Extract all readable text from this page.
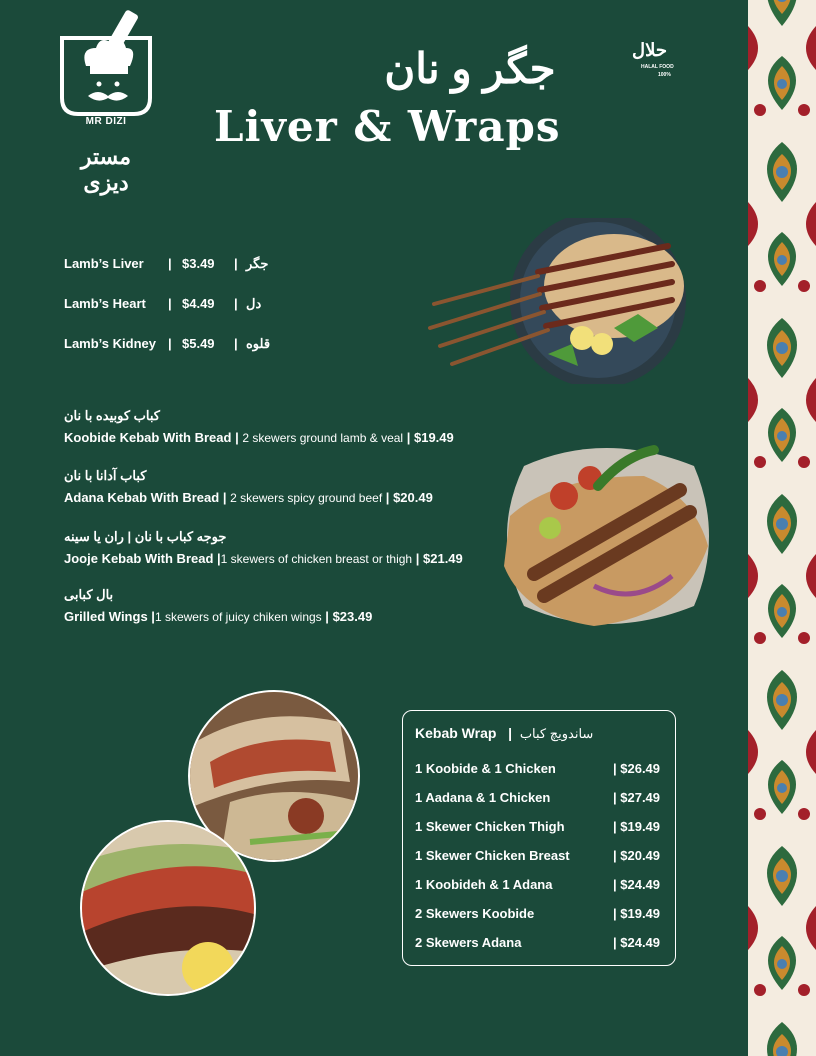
MR DIZI
مستر دیزی
جگر و نان
Liver & Wraps
حلال
HALAL FOOD
100%
Lamb’s Liver | $3.49 | جگر
Lamb’s Heart | $4.49 | دل
Lamb’s Kidney | $5.49 | قلوه
کباب کوبیده با نان
Koobide Kebab With Bread | 2 skewers ground lamb & veal | $19.49
کباب آدانا با نان
Adana Kebab With Bread | 2 skewers spicy ground beef | $20.49
جوجه کباب با نان | ران یا سینه
Jooje Kebab With Bread |1 skewers of chicken breast or thigh | $21.49
بال کبابی
Grilled Wings |1 skewers of juicy chiken wings | $23.49
Kebab Wrap   |  ساندویچ کباب
1 Koobide & 1 Chicken	| $26.49
1 Aadana & 1 Chicken	| $27.49
1 Skewer Chicken Thigh	| $19.49
1 Skewer Chicken Breast	| $20.49
1 Koobideh & 1 Adana	| $24.49
2 Skewers Koobide	| $19.49
2 Skewers Adana	| $24.49
